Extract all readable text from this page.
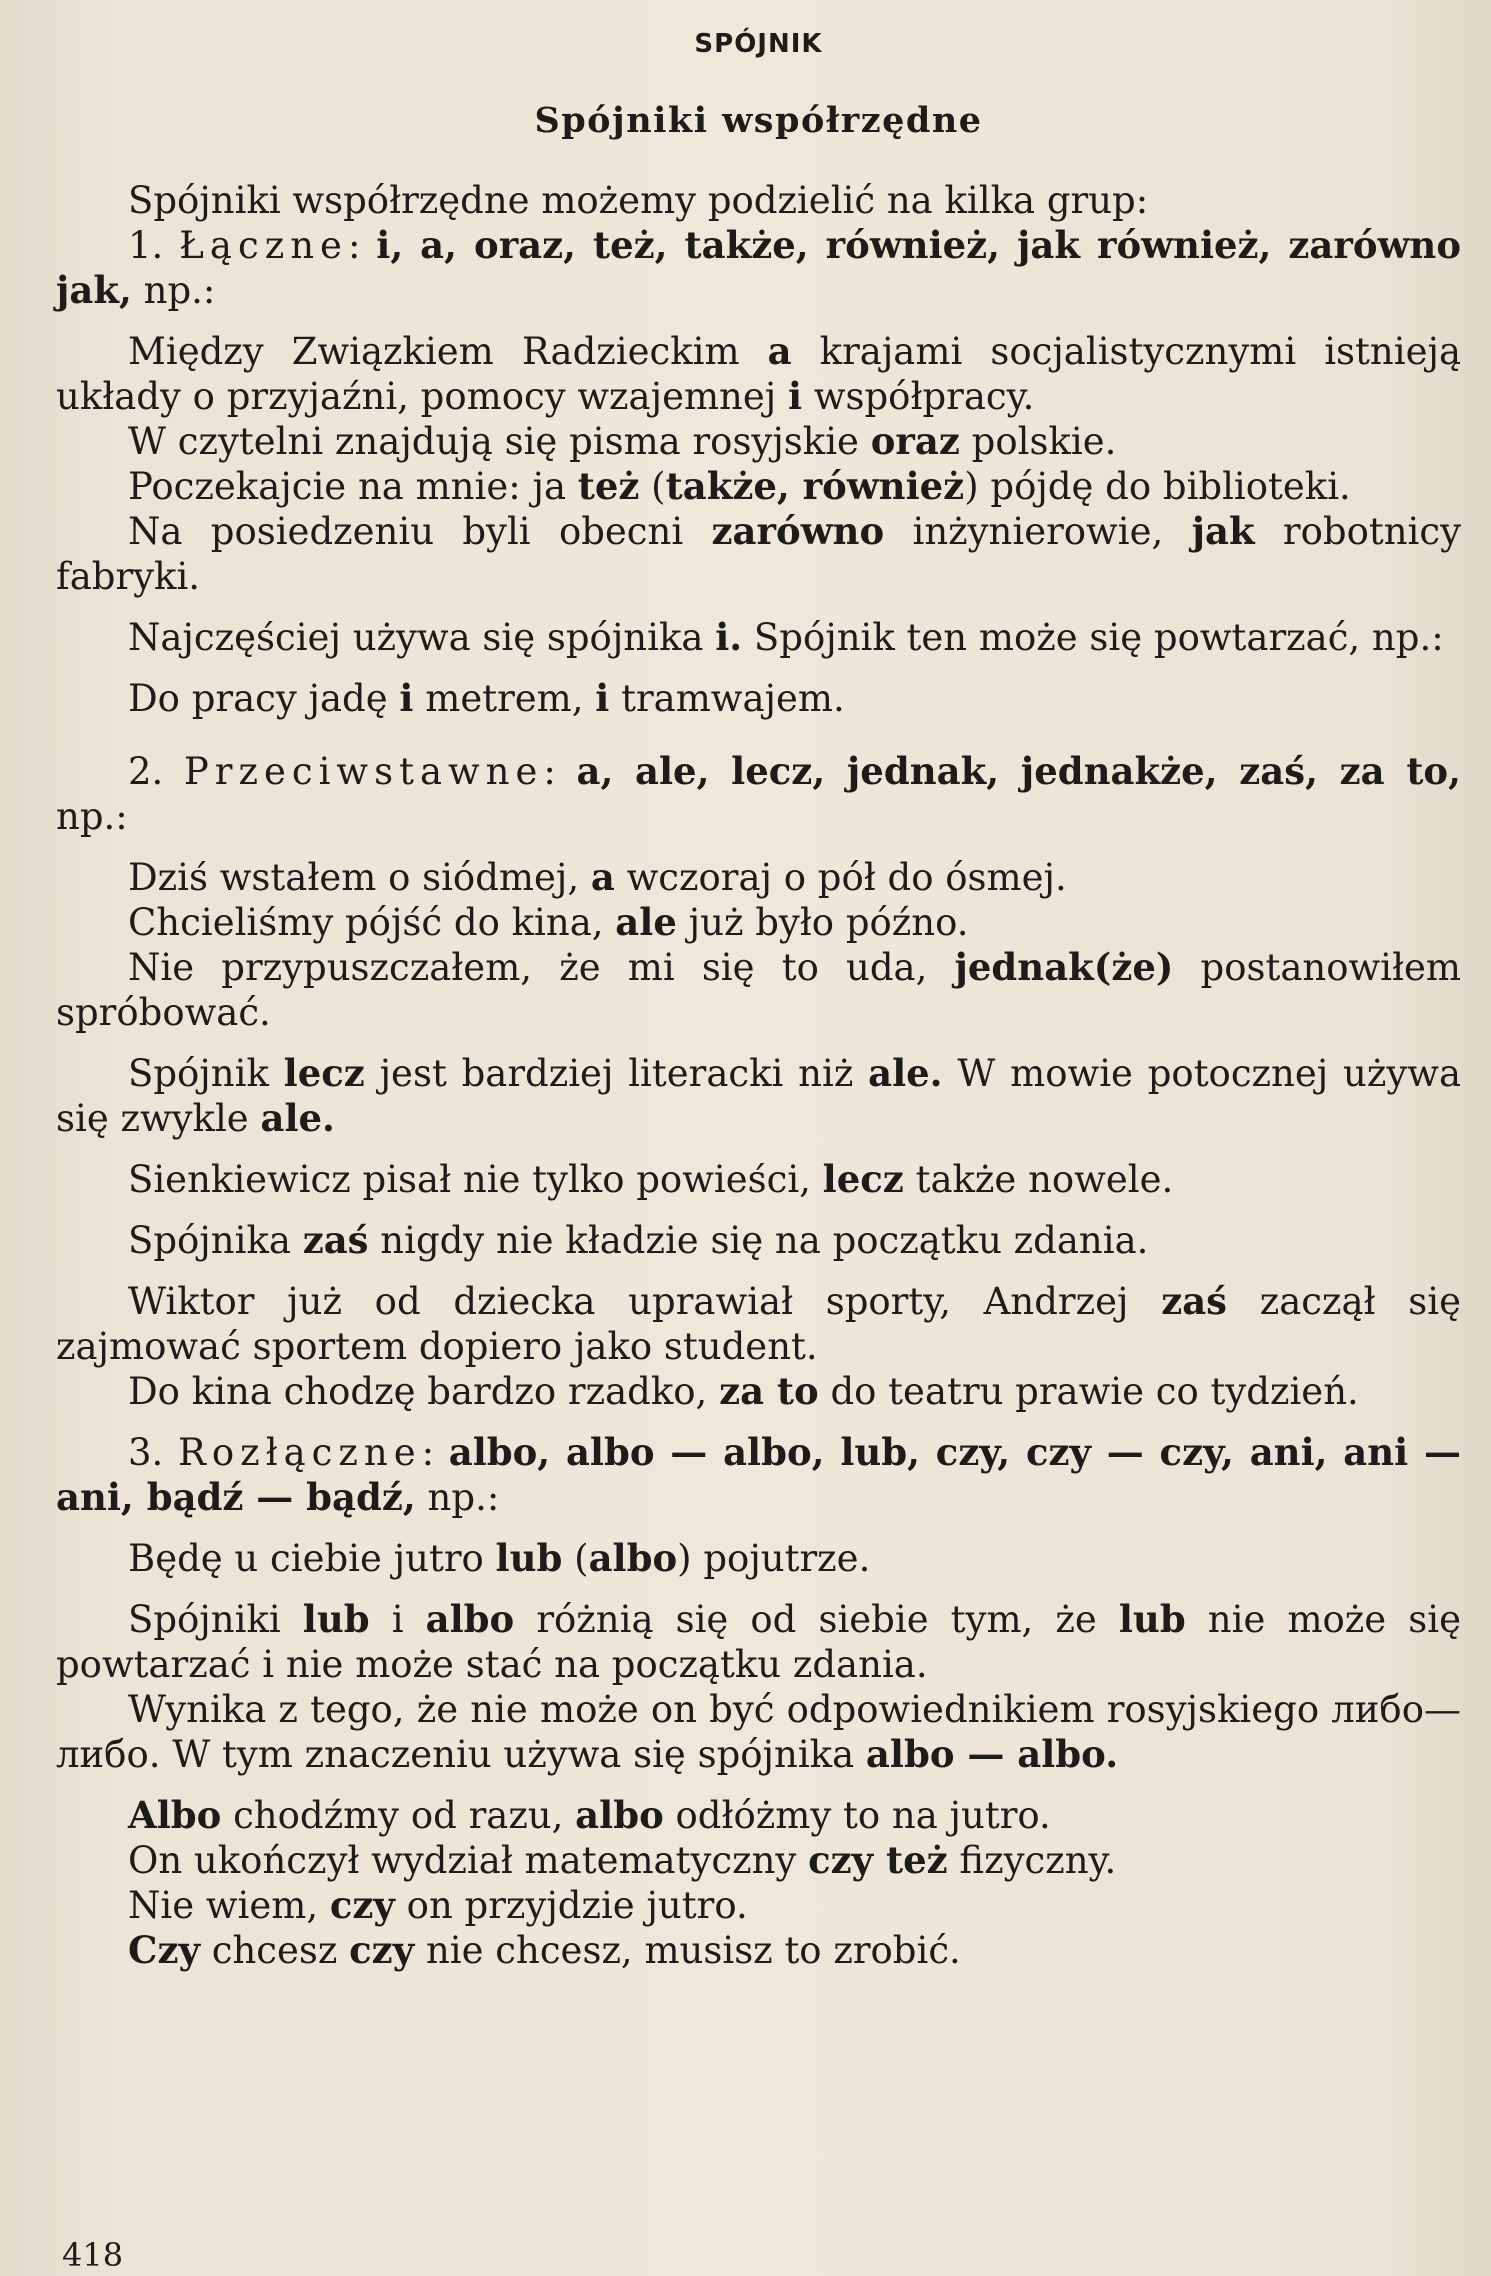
SPÓJNIK
Spójniki współrzędne

Spójniki współrzędne możemy podzielić na kilka grup:

1. Łączne: i, a, oraz, też, także, również, jak również, zarówno jak, np.:

Między Związkiem Radzieckim a krajami socjalistycznymi istnieją układy o przyjaźni, pomocy wzajemnej i współpracy.

W czytelni znajdują się pisma rosyjskie oraz polskie.

Poczekajcie na mnie: ja też (także, również) pójdę do biblioteki.

Na posiedzeniu byli obecni zarówno inżynierowie, jak robotnicy fabryki.

Najczęściej używa się spójnika i. Spójnik ten może się powtarzać, np.:

Do pracy jadę i metrem, i tramwajem.

2. Przeciwstawne: a, ale, lecz, jednak, jednakże, zaś, za to, np.:

Dziś wstałem o siódmej, a wczoraj o pół do ósmej.

Chcieliśmy pójść do kina, ale już było późno.

Nie przypuszczałem, że mi się to uda, jednak(że) postanowiłem spróbować.

Spójnik lecz jest bardziej literacki niż ale. W mowie potocznej używa się zwykle ale.

Sienkiewicz pisał nie tylko powieści, lecz także nowele.

Spójnika zaś nigdy nie kładzie się na początku zdania.

Wiktor już od dziecka uprawiał sporty, Andrzej zaś zaczął się zajmować sportem dopiero jako student.

Do kina chodzę bardzo rzadko, za to do teatru prawie co tydzień.

3. Rozłączne: albo, albo — albo, lub, czy, czy — czy, ani, ani — ani, bądź — bądź, np.:

Będę u ciebie jutro lub (albo) pojutrze.

Spójniki lub i albo różnią się od siebie tym, że lub nie może się powtarzać i nie może stać na początku zdania.

Wynika z tego, że nie może on być odpowiednikiem rosyjskiego либо—либо. W tym znaczeniu używa się spójnika albo — albo.

Albo chodźmy od razu, albo odłóżmy to na jutro.

On ukończył wydział matematyczny czy też fizyczny.

Nie wiem, czy on przyjdzie jutro.

Czy chcesz czy nie chcesz, musisz to zrobić.

418
